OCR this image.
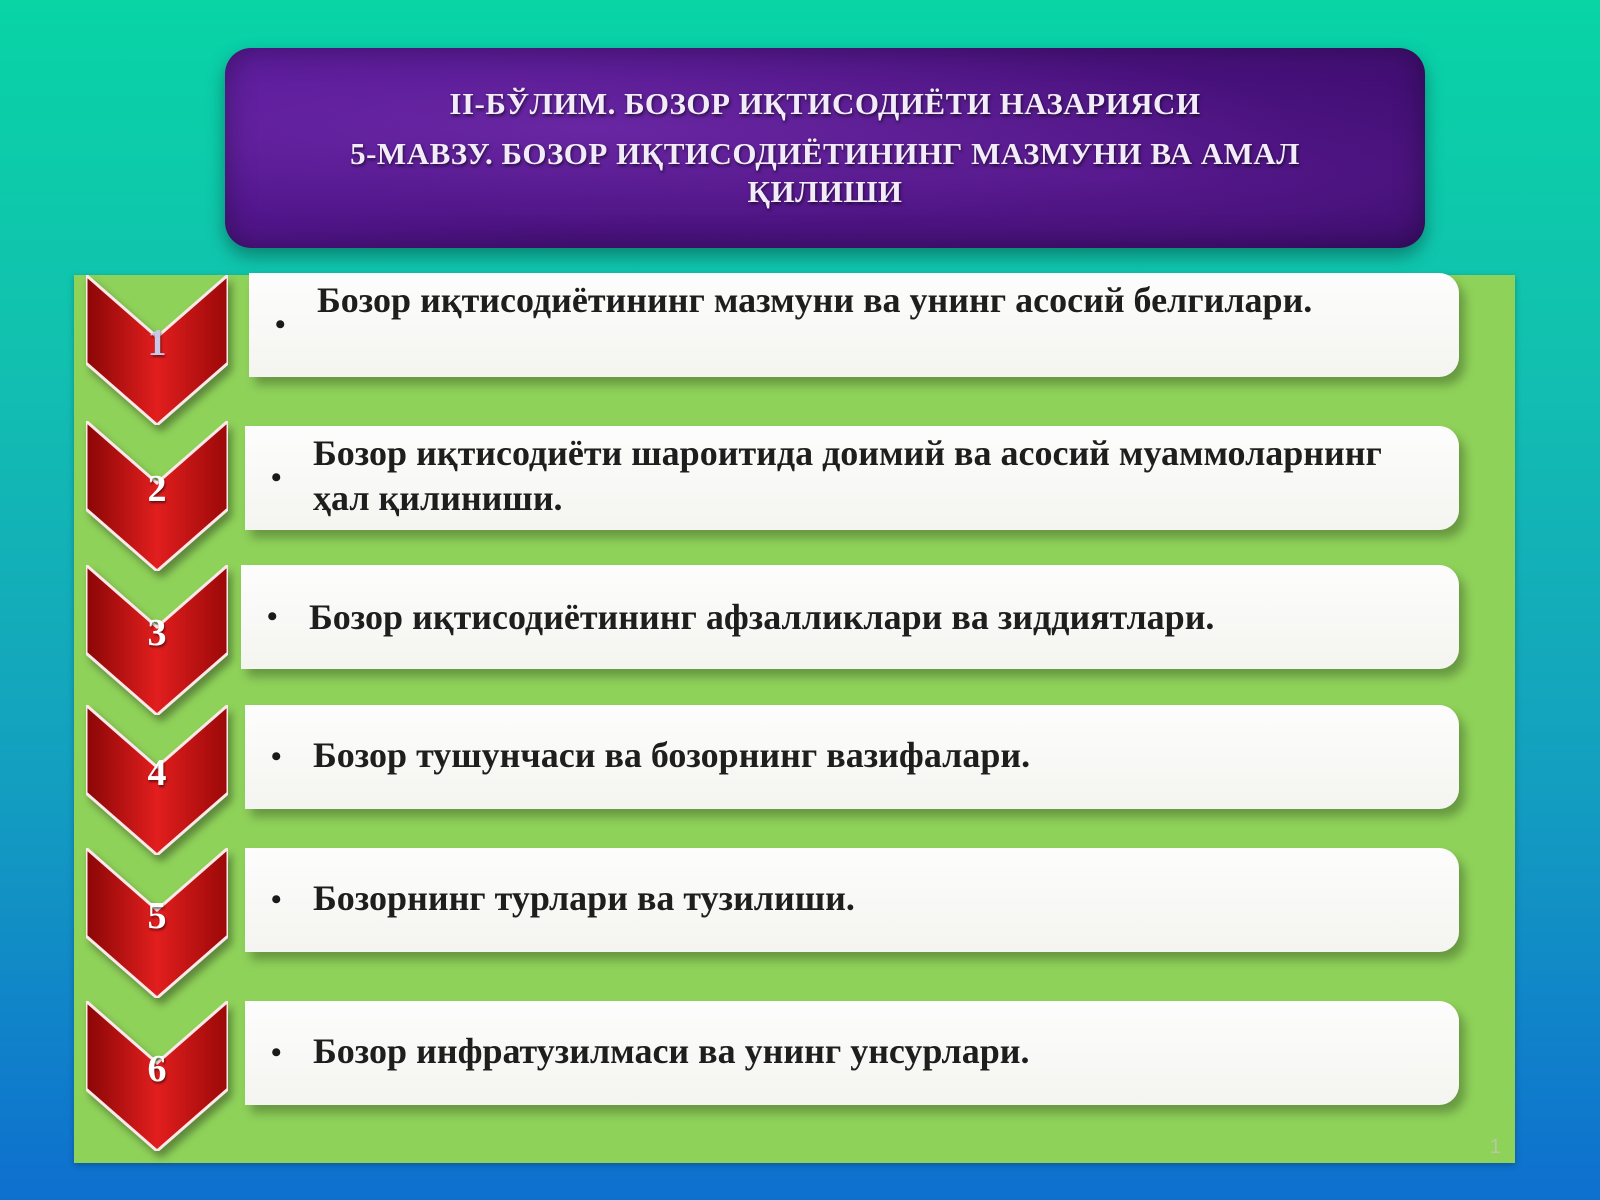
II-БЎЛИМ. БОЗОР ИҚТИСОДИЁТИ НАЗАРИЯСИ
5-МАВЗУ. БОЗОР ИҚТИСОДИЁТИНИНГ МАЗМУНИ ВА АМАЛ ҚИЛИШИ
•
Бозор иқтисодиётининг мазмуни ва унинг асосий белгилари.
1
•
Бозор иқтисодиёти шароитида доимий ва асосий муаммоларнинг ҳал қилиниши.
2
• Бозор иқтисодиётининг афзалликлари ва зиддиятлари.
3
• Бозор тушунчаси ва бозорнинг вазифалари.
4
• Бозорнинг турлари ва тузилиши.
5
• Бозор инфратузилмаси ва унинг унсурлари.
6
1
